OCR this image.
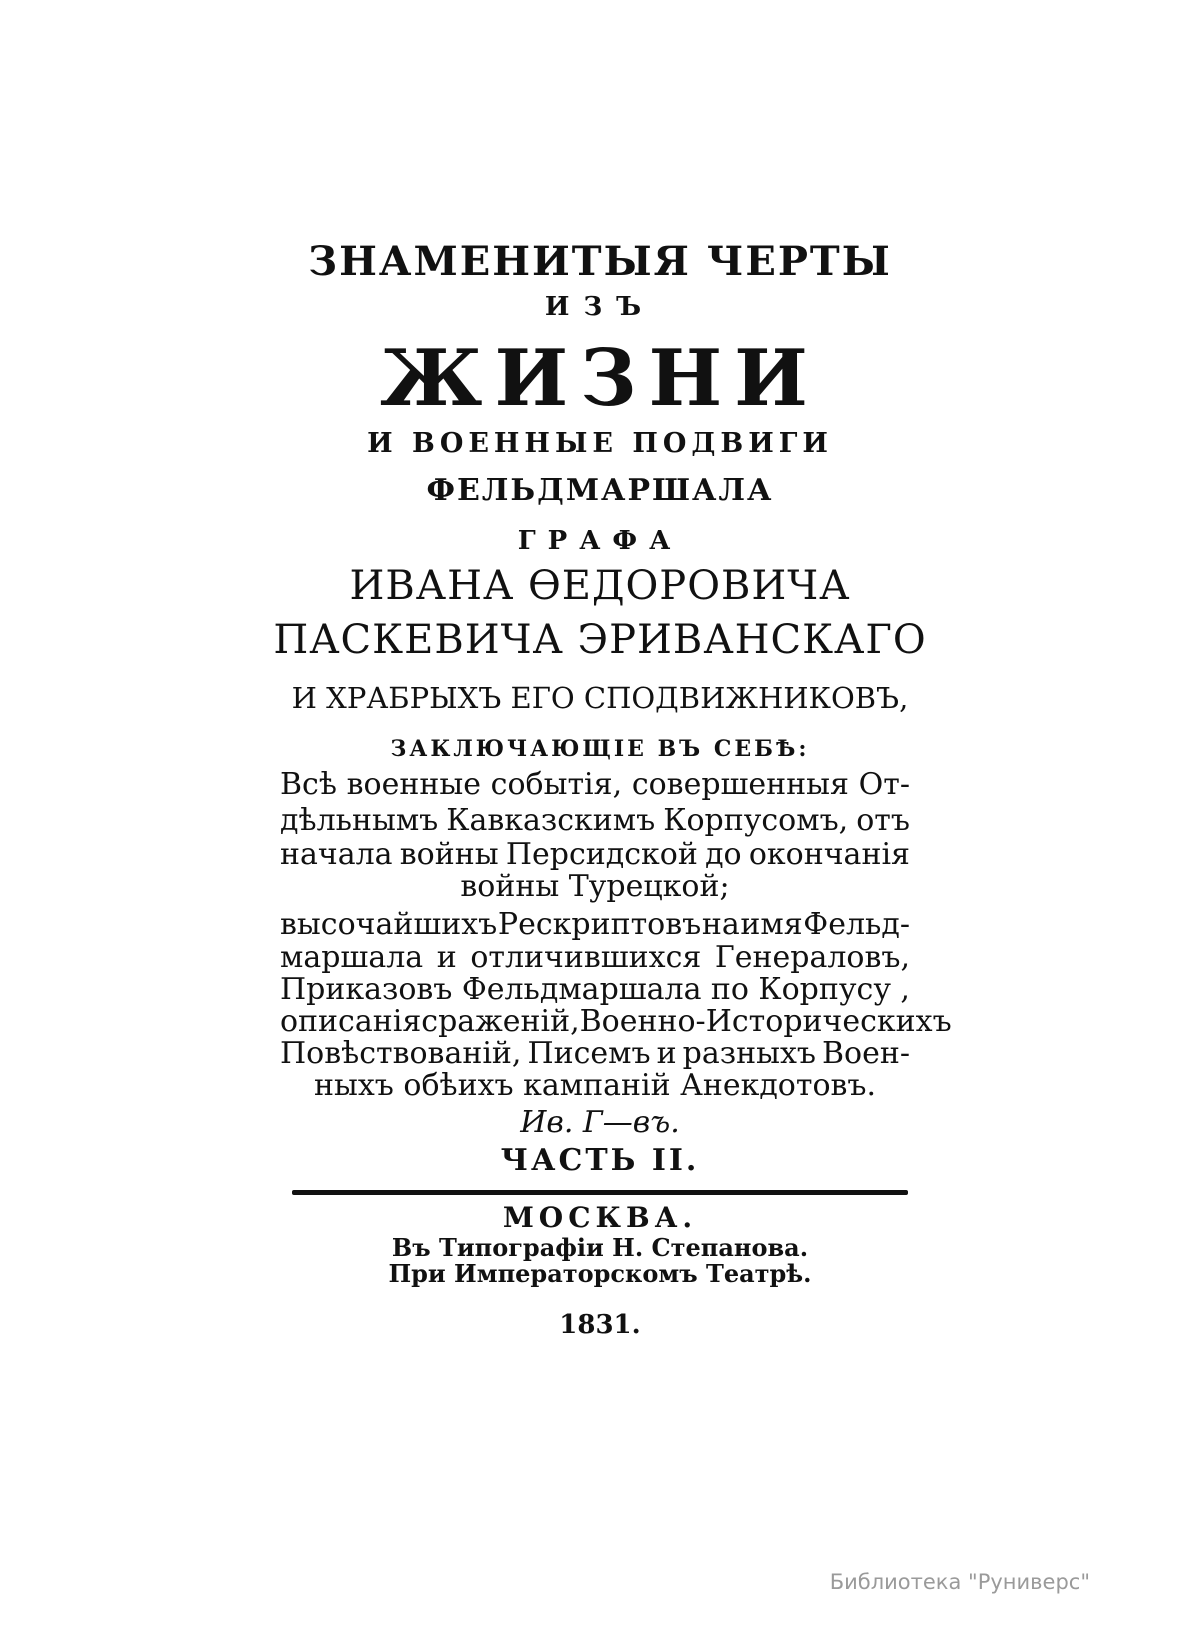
ЗНАМЕНИТЫЯ ЧЕРТЫ
ИЗЪ
ЖИЗНИ
И ВОЕННЫЕ ПОДВИГИ
ФЕЛЬДМАРШАЛА
ГРАФА
ИВАНА ѲЕДОРОВИЧА
ПАСКЕВИЧА ЭРИВАНСКАГО
И ХРАБРЫХЪ ЕГО СПОДВИЖНИКОВЪ,
ЗАКЛЮЧАЮЩІЕ ВЪ СЕБѢ:
Всѣ военные событія, совершенныя От-
дѣльнымъ Кавказскимъ Корпусомъ, отъ
начала войны Персидской до окончанія
войны Турецкой;
высочайшихъ Рескриптовъ на имя Фельд-
маршала и отличившихся Генераловъ,
Приказовъ Фельдмаршала по Корпусу ,
описанія сраженій, Военно-Историческихъ
Повѣствованій, Писемъ и разныхъ Воен-
ныхъ обѣихъ кампаній Анекдотовъ.
Ив. Г—въ.
ЧАСТЬ II.
МОСКВА.
Въ Типографіи Н. Степанова.
При Императорскомъ Театрѣ.
1831.
Библиотека "Руниверс"
